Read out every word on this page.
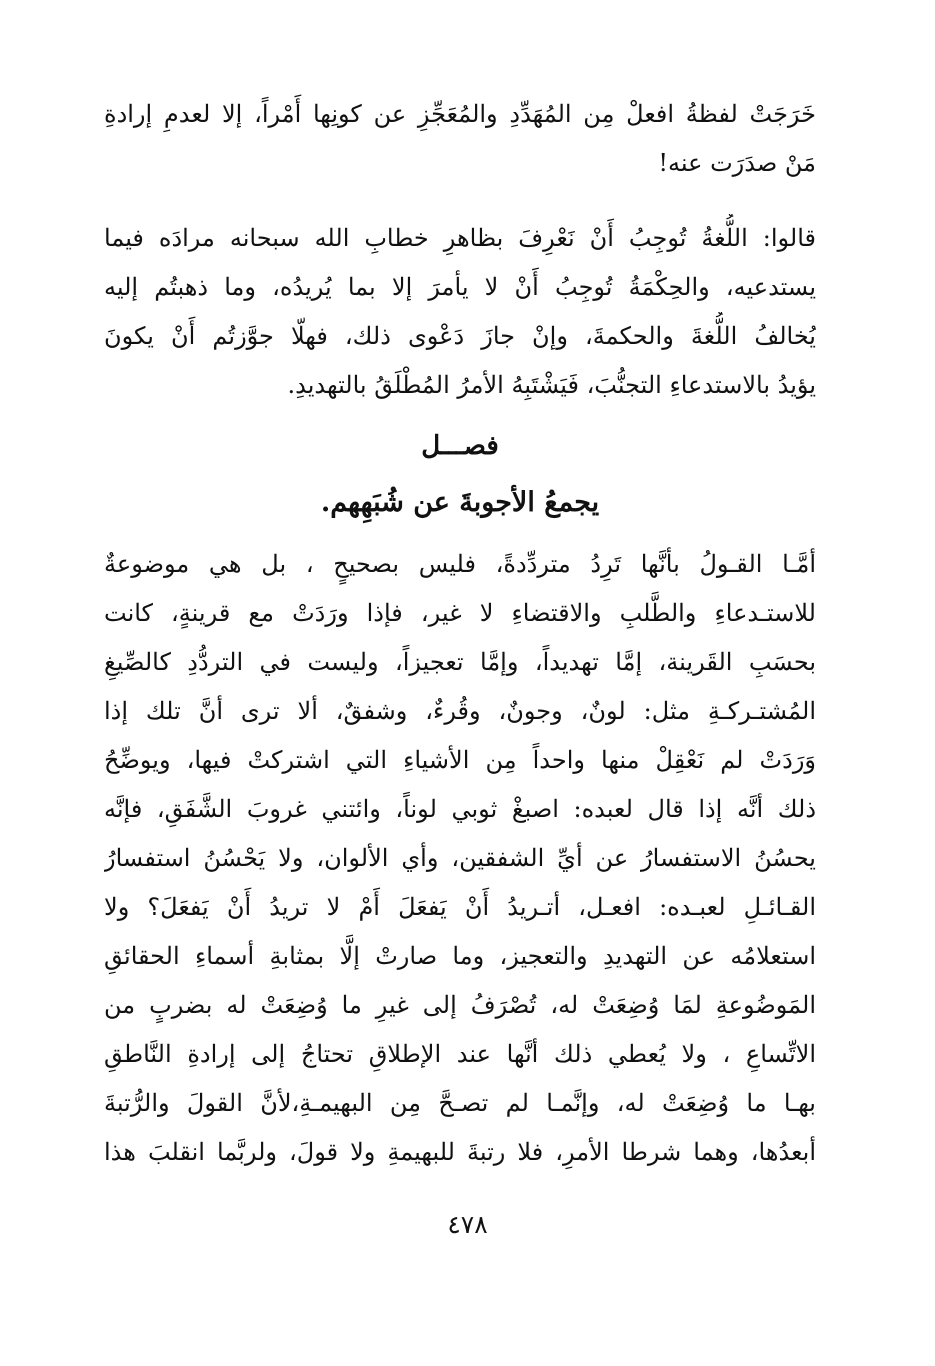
خَرَجَتْ لفظةُ افعلْ مِن المُهَدِّدِ والمُعَجِّزِ عن كونِها أَمْراً، إلا لعدمِ إرادةِ
مَنْ صدَرَت عنه!
قالوا: اللُّغةُ تُوجِبُ أَنْ نَعْرِفَ بظاهرِ خطابِ الله سبحانه مرادَه فيما
يستدعيه، والحِكْمَةُ تُوجِبُ أَنْ لا يأمرَ إلا بما يُريدُه، وما ذهبتُم إليه
يُخالفُ اللُّغةَ والحكمةَ، وإنْ جازَ دَعْوى ذلك، فهلّا جوَّزتُم أَنْ يكونَ
يؤيدُ بالاستدعاءِ التجنُّبَ، فَيَشْتَبِهُ الأمرُ المُطْلَقُ بالتهديدِ.
فصـــل
يجمعُ الأجوبةَ عن شُبَهِهم.
أمَّـا القـولُ بأنَّها تَرِدُ متردِّدةً، فليس بصحيحٍ ، بل هي موضوعةٌ
للاستـدعاءِ والطَّلبِ والاقتضاءِ لا غير، فإذا ورَدَتْ مع قرينةٍ، كانت
بحسَبِ القَرينة، إمَّا تهديداً، وإمَّا تعجيزاً، وليست في التردُّدِ كالصِّيغِ
المُشتـركـةِ مثل: لونٌ، وجونٌ، وقُرءٌ، وشفقٌ، ألا ترى أنَّ تلك إذا
وَرَدَتْ لم نَعْقِلْ منها واحداً مِن الأشياءِ التي اشتركتْ فيها، ويوضِّحُ
ذلك أنَّه إذا قال لعبده: اصبغْ ثوبي لوناً، وائتني غروبَ الشَّفَقِ، فإنَّه
يحسُنُ الاستفسارُ عن أيِّ الشفقين، وأي الألوان، ولا يَحْسُنُ استفسارُ
القـائـلِ لعبـده: افعـل، أتـريدُ أَنْ يَفعَلَ أَمْ لا تريدُ أَنْ يَفعَلَ؟ ولا
استعلامُه عن التهديدِ والتعجيز، وما صارتْ إلَّا بمثابةِ أسماءِ الحقائقِ
المَوضُوعةِ لمَا وُضِعَتْ له، تُصْرَفُ إلى غيرِ ما وُضِعَتْ له بضربٍ من
الاتِّساعِ ، ولا يُعطي ذلك أنَّها عند الإطلاقِ تحتاجُ إلى إرادةِ النَّاطقِ
بهـا ما وُضِعَتْ له، وإنَّمـا لم تصـحَّ مِن البهيمـةِ،لأنَّ القولَ والرُّتبةَ
أبعدُها، وهما شرطا الأمرِ، فلا رتبةَ للبهيمةِ ولا قولَ، ولربَّما انقلبَ هذا
٤٧٨
